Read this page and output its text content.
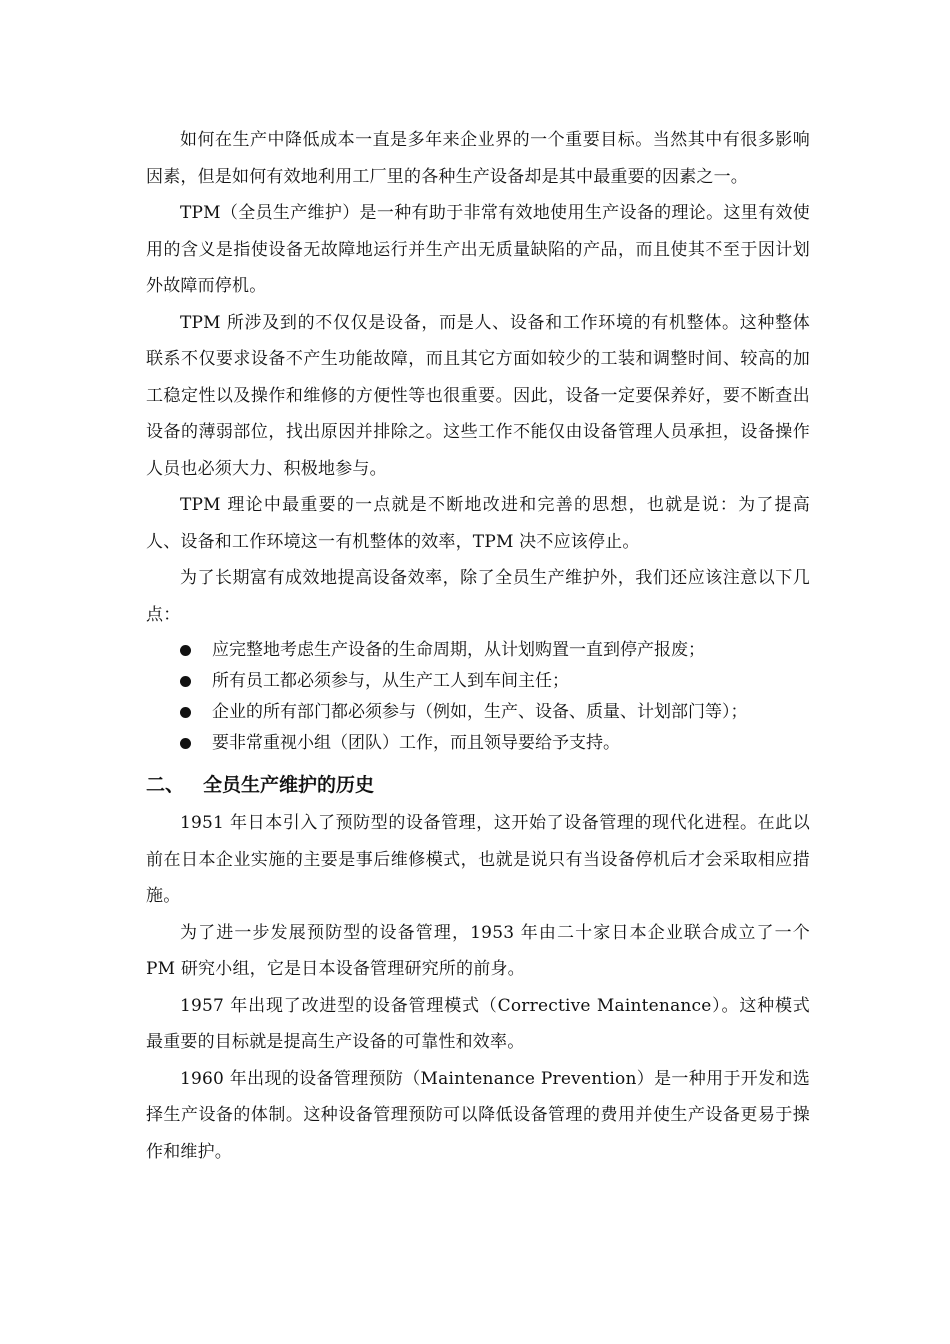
如何在生产中降低成本一直是多年来企业界的一个重要目标。当然其中有很多影响因素，但是如何有效地利用工厂里的各种生产设备却是其中最重要的因素之一。

TPM（全员生产维护）是一种有助于非常有效地使用生产设备的理论。这里有效使用的含义是指使设备无故障地运行并生产出无质量缺陷的产品，而且使其不至于因计划外故障而停机。

TPM 所涉及到的不仅仅是设备，而是人、设备和工作环境的有机整体。这种整体联系不仅要求设备不产生功能故障，而且其它方面如较少的工装和调整时间、较高的加工稳定性以及操作和维修的方便性等也很重要。因此，设备一定要保养好，要不断查出设备的薄弱部位，找出原因并排除之。这些工作不能仅由设备管理人员承担，设备操作人员也必须大力、积极地参与。

TPM 理论中最重要的一点就是不断地改进和完善的思想，也就是说：为了提高人、设备和工作环境这一有机整体的效率，TPM 决不应该停止。

为了长期富有成效地提高设备效率，除了全员生产维护外，我们还应该注意以下几点：

应完整地考虑生产设备的生命周期，从计划购置一直到停产报废；
所有员工都必须参与，从生产工人到车间主任；
企业的所有部门都必须参与（例如，生产、设备、质量、计划部门等）；
要非常重视小组（团队）工作，而且领导要给予支持。
二、 全员生产维护的历史

1951 年日本引入了预防型的设备管理，这开始了设备管理的现代化进程。在此以前在日本企业实施的主要是事后维修模式，也就是说只有当设备停机后才会采取相应措施。

为了进一步发展预防型的设备管理，1953 年由二十家日本企业联合成立了一个 PM 研究小组，它是日本设备管理研究所的前身。

1957 年出现了改进型的设备管理模式（Corrective Maintenance）。这种模式最重要的目标就是提高生产设备的可靠性和效率。

1960 年出现的设备管理预防（Maintenance Prevention）是一种用于开发和选择生产设备的体制。这种设备管理预防可以降低设备管理的费用并使生产设备更易于操作和维护。
